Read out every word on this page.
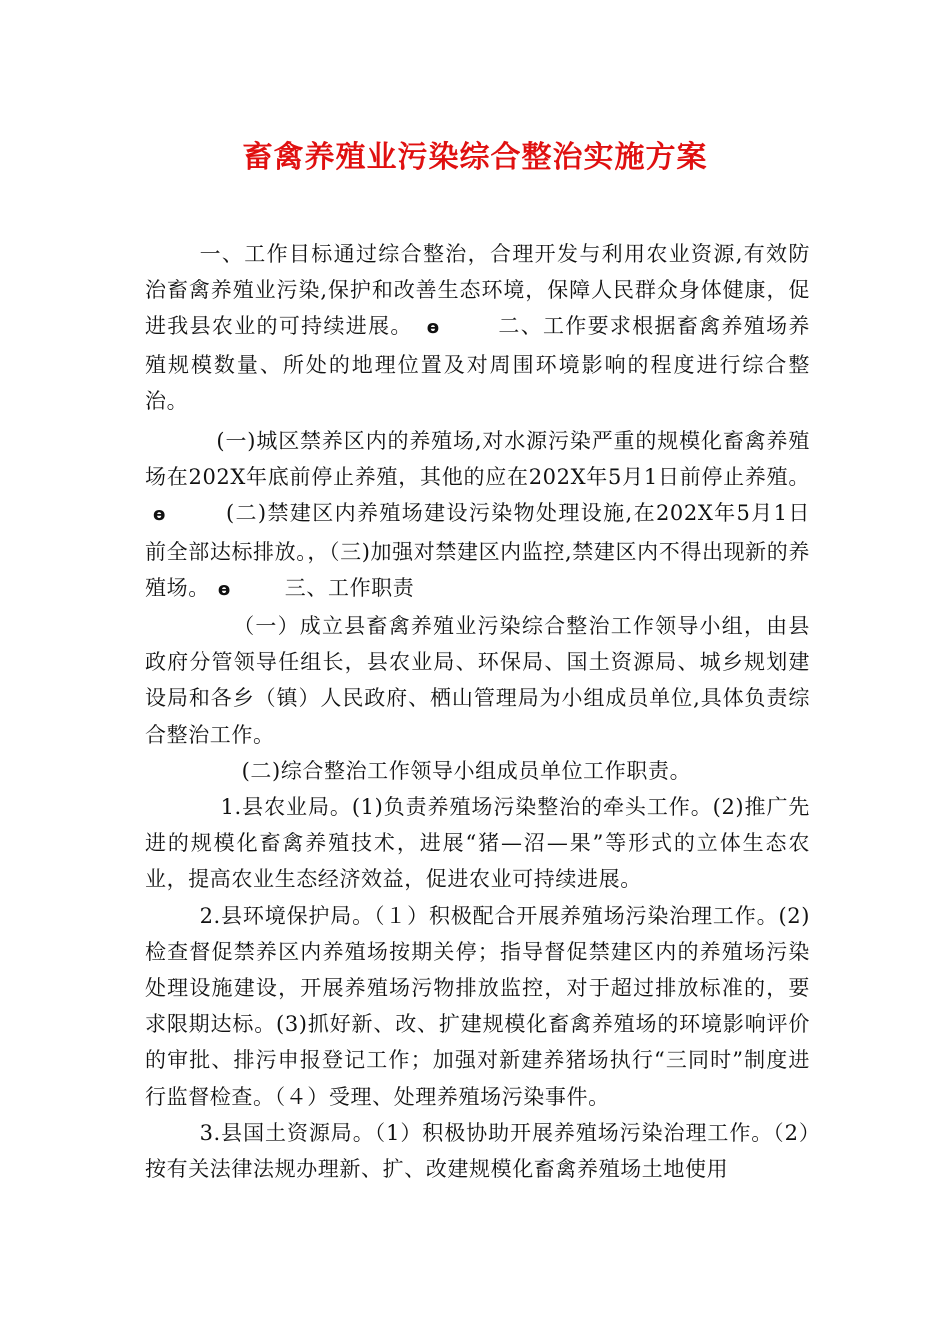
畜禽养殖业污染综合整治实施方案

一、工作目标通过综合整治，合理开发与利用农业资源,有效防治畜禽养殖业污染,保护和改善生态环境，保障人民群众身体健康，促进我县农业的可持续进展。 ɵ	二、工作要求根据畜禽养殖场养殖规模数量、所处的地理位置及对周围环境影响的程度进行综合整治。

(一)城区禁养区内的养殖场,对水源污染严重的规模化畜禽养殖场在202X年底前停止养殖，其他的应在202X年5月1日前停止养殖。ɵ	(二)禁建区内养殖场建设污染物处理设施,在202X年5月1日前全部达标排放。，（三)加强对禁建区内监控,禁建区内不得出现新的养殖场。 ɵ	三、工作职责

（一）成立县畜禽养殖业污染综合整治工作领导小组，由县政府分管领导任组长，县农业局、环保局、国土资源局、城乡规划建设局和各乡（镇）人民政府、栖山管理局为小组成员单位,具体负责综合整治工作。

(二)综合整治工作领导小组成员单位工作职责。

1.县农业局。(1)负责养殖场污染整治的牵头工作。(2)推广先进的规模化畜禽养殖技术，进展“猪—沼—果”等形式的立体生态农业，提高农业生态经济效益，促进农业可持续进展。

2.县环境保护局。（１）积极配合开展养殖场污染治理工作。(2)检查督促禁养区内养殖场按期关停；指导督促禁建区内的养殖场污染处理设施建设，开展养殖场污物排放监控，对于超过排放标准的，要求限期达标。(3)抓好新、改、扩建规模化畜禽养殖场的环境影响评价的审批、排污申报登记工作；加强对新建养猪场执行“三同时”制度进行监督检查。（４）受理、处理养殖场污染事件。

3.县国土资源局。（1）积极协助开展养殖场污染治理工作。（2）按有关法律法规办理新、扩、改建规模化畜禽养殖场土地使用
